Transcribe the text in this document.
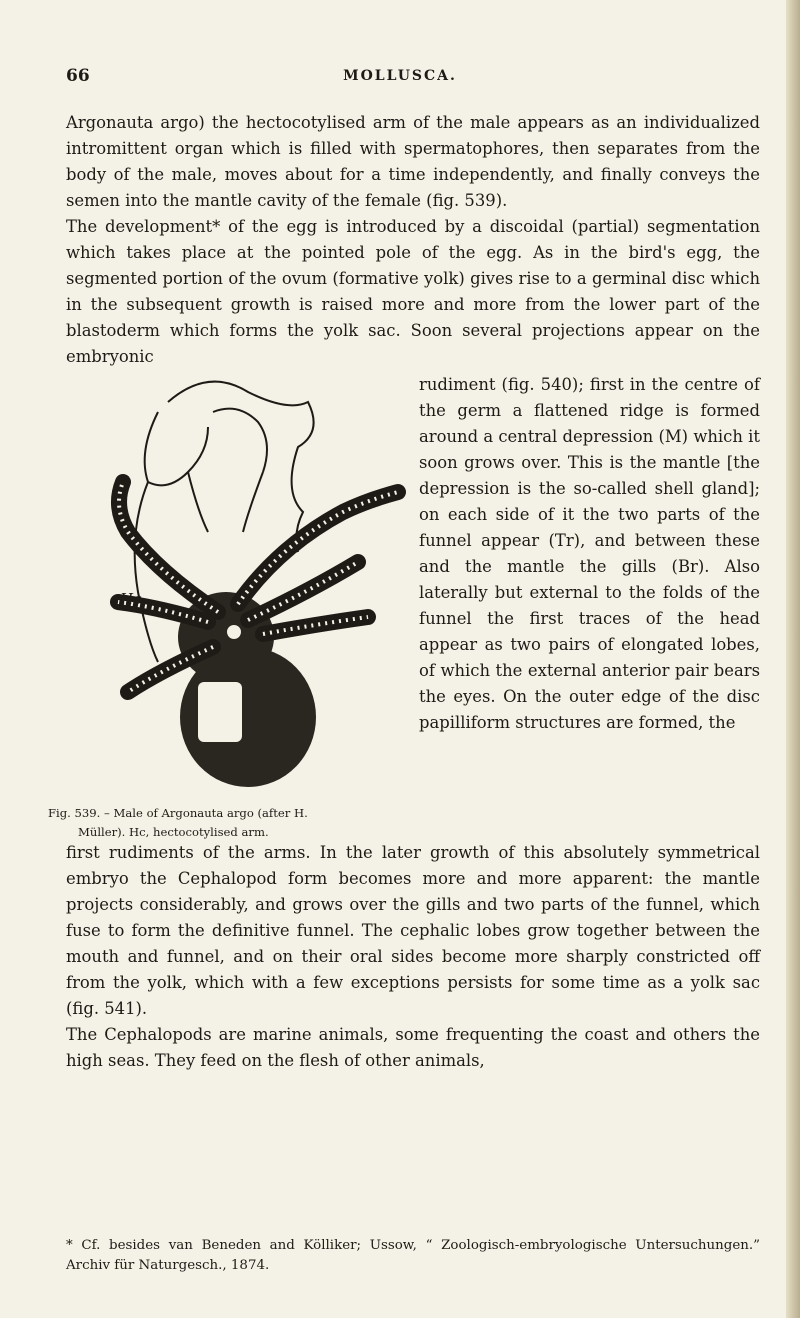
66	MOLLUSCA.

Argonauta argo) the hectocotylised arm of the male appears as an individualized intromittent organ which is filled with spermatophores, then separates from the body of the male, moves about for a time independently, and finally conveys the semen into the mantle cavity of the female (fig. 539).

The development* of the egg is introduced by a discoidal (partial) segmentation which takes place at the pointed pole of the egg. As in the bird's egg, the segmented portion of the ovum (formative yolk) gives rise to a germinal disc which in the subsequent growth is raised more and more from the lower part of the blastoderm which forms the yolk sac. Soon several projections appear on the embryonic

Hc
Fig. 539. – Male of Argonauta argo (after H.
Müller). Hc, hectocotylised arm.
rudiment (fig. 540); first in the centre of the germ a flattened ridge is formed around a central depression (M) which it soon grows over. This is the mantle [the depression is the so-called shell gland]; on each side of it the two parts of the funnel appear (Tr), and between these and the mantle the gills (Br). Also laterally but external to the folds of the funnel the first traces of the head appear as two pairs of elongated lobes, of which the external anterior pair bears the eyes. On the outer edge of the disc papilliform structures are formed, the

first rudiments of the arms. In the later growth of this absolutely symmetrical embryo the Cephalopod form becomes more and more apparent: the mantle projects considerably, and grows over the gills and two parts of the funnel, which fuse to form the definitive funnel. The cephalic lobes grow together between the mouth and funnel, and on their oral sides become more sharply constricted off from the yolk, which with a few exceptions persists for some time as a yolk sac (fig. 541).

The Cephalopods are marine animals, some frequenting the coast and others the high seas. They feed on the flesh of other animals,

* Cf. besides van Beneden and Kölliker; Ussow, “ Zoologisch-embryologische Untersuchungen.” Archiv für Naturgesch., 1874.
